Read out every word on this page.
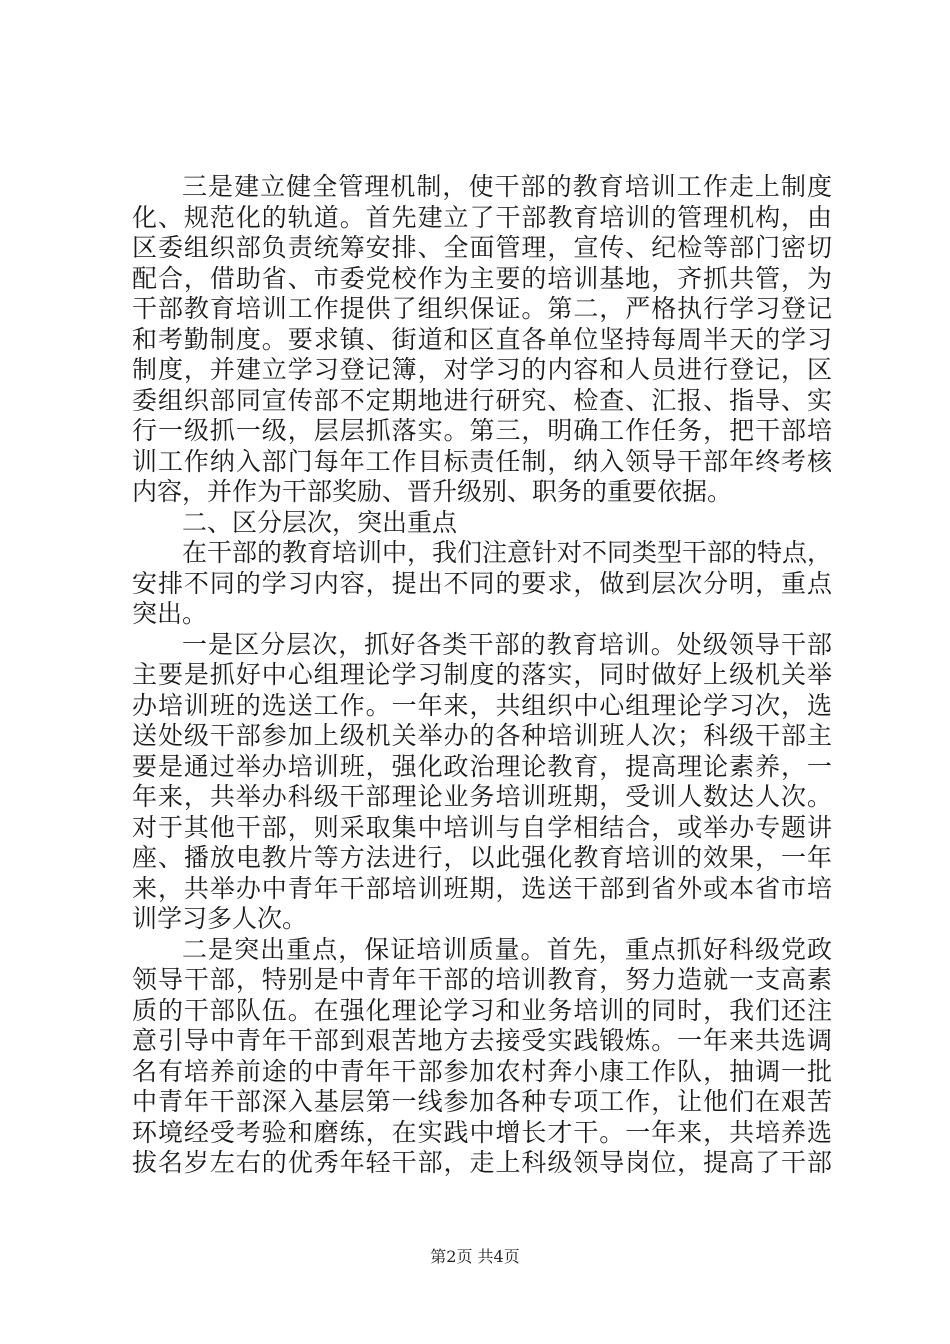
三是建立健全管理机制，使干部的教育培训工作走上制度
化、规范化的轨道。首先建立了干部教育培训的管理机构，由
区委组织部负责统筹安排、全面管理，宣传、纪检等部门密切
配合，借助省、市委党校作为主要的培训基地，齐抓共管，为
干部教育培训工作提供了组织保证。第二，严格执行学习登记
和考勤制度。要求镇、街道和区直各单位坚持每周半天的学习
制度，并建立学习登记簿，对学习的内容和人员进行登记，区
委组织部同宣传部不定期地进行研究、检查、汇报、指导、实
行一级抓一级，层层抓落实。第三，明确工作任务，把干部培
训工作纳入部门每年工作目标责任制，纳入领导干部年终考核
内容，并作为干部奖励、晋升级别、职务的重要依据。
二、区分层次，突出重点
在干部的教育培训中，我们注意针对不同类型干部的特点，
安排不同的学习内容，提出不同的要求，做到层次分明，重点
突出。
一是区分层次，抓好各类干部的教育培训。处级领导干部
主要是抓好中心组理论学习制度的落实，同时做好上级机关举
办培训班的选送工作。一年来，共组织中心组理论学习次，选
送处级干部参加上级机关举办的各种培训班人次；科级干部主
要是通过举办培训班，强化政治理论教育，提高理论素养，一
年来，共举办科级干部理论业务培训班期，受训人数达人次。
对于其他干部，则采取集中培训与自学相结合，或举办专题讲
座、播放电教片等方法进行，以此强化教育培训的效果，一年
来，共举办中青年干部培训班期，选送干部到省外或本省市培
训学习多人次。
二是突出重点，保证培训质量。首先，重点抓好科级党政
领导干部，特别是中青年干部的培训教育，努力造就一支高素
质的干部队伍。在强化理论学习和业务培训的同时，我们还注
意引导中青年干部到艰苦地方去接受实践锻炼。一年来共选调
名有培养前途的中青年干部参加农村奔小康工作队，抽调一批
中青年干部深入基层第一线参加各种专项工作，让他们在艰苦
环境经受考验和磨练，在实践中增长才干。一年来，共培养选
拔名岁左右的优秀年轻干部，走上科级领导岗位，提高了干部
第2页 共4页
